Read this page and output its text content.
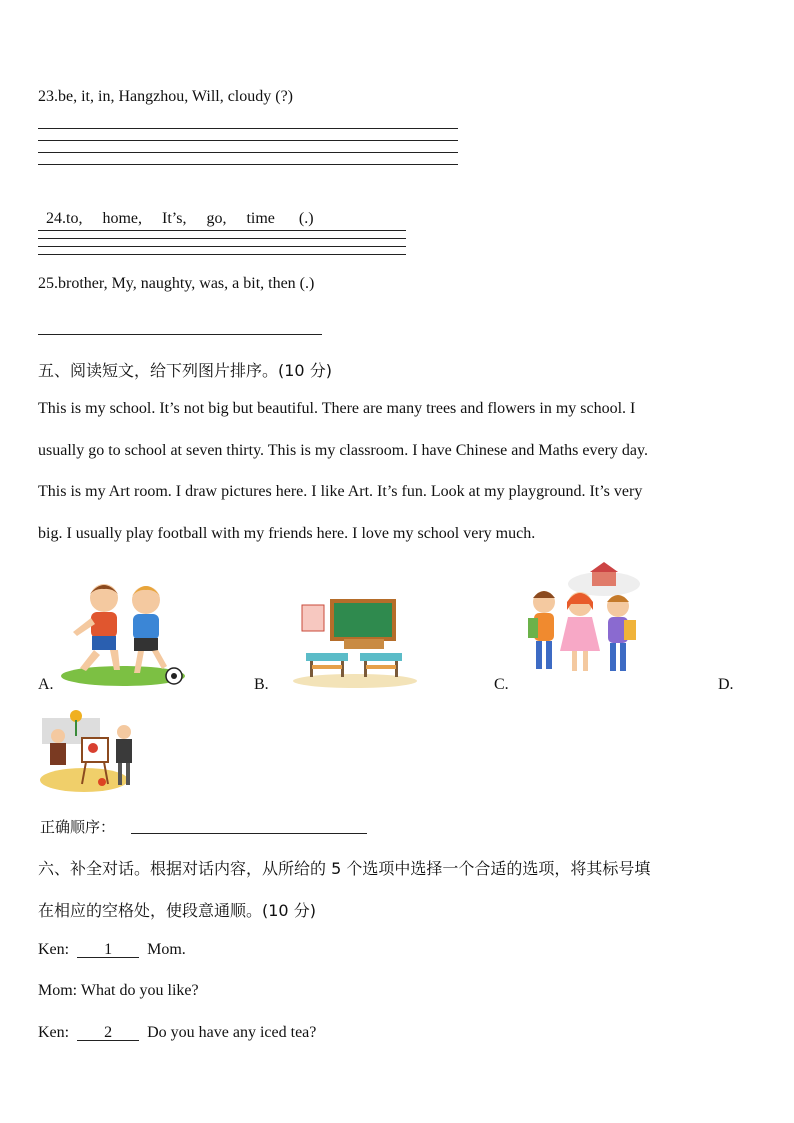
23.be, it, in, Hangzhou, Will, cloudy (?)

24.to,     home,     It’s,     go,     time      (.)

25.brother, My, naughty, was, a bit, then (.)
五、阅读短文，给下列图片排序。(10 分)
This is my school. It’s not big but beautiful. There are many trees and flowers in my school. I
usually go to school at seven thirty. This is my classroom. I have Chinese and Maths every day.
This is my Art room. I draw pictures here. I like Art. It’s fun. Look at my playground. It’s very
big. I usually play football with my friends here. I love my school very much.
A.	B.	C.	D.
正确顺序：
六、补全对话。根据对话内容，从所给的 5 个选项中选择一个合适的选项，将其标号填
在相应的空格处，使段意通顺。(10 分)
Ken: 1 Mom.
Mom: What do you like?
Ken: 2 Do you have any iced tea?
